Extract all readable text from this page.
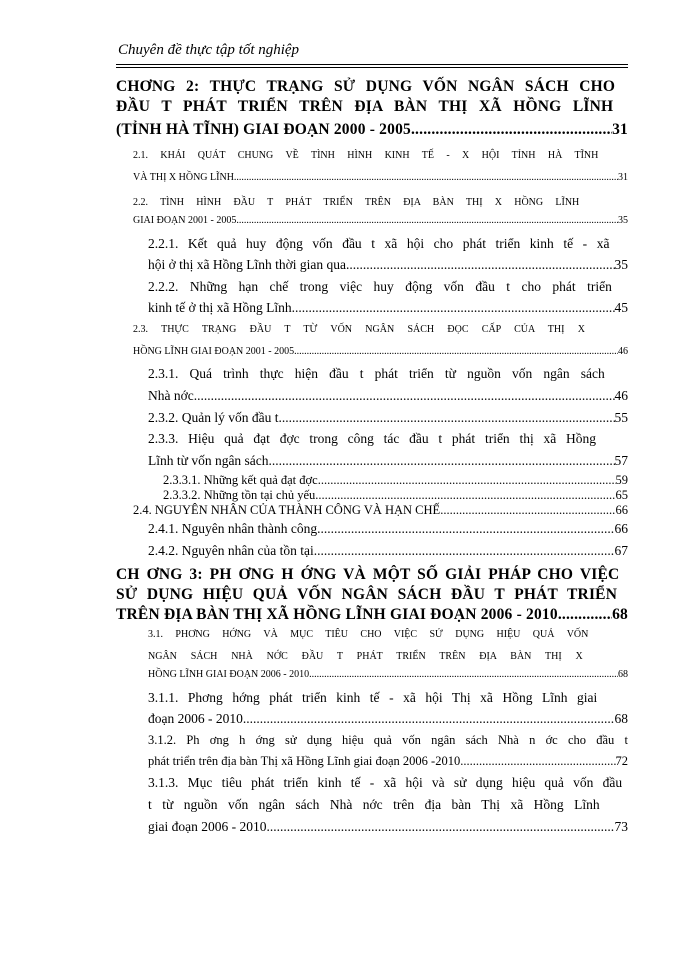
Chuyên đề thực tập tốt nghiệp
CHƠNG 2: THỰC TRẠNG SỬ DỤNG VỐN NGÂN SÁCH CHO
ĐẦU T PHÁT TRIỂN TRÊN ĐỊA BÀN THỊ XÃ HỒNG LĨNH
(TỈNH HÀ TĨNH) GIAI ĐOẠN 2000 - 2005 .....	31
2.1. KHÁI QUÁT CHUNG VỀ TÌNH HÌNH KINH TẾ - X HỘI TỈNH HÀ TĨNH
VÀ THỊ X HỒNG LĨNH .....	31
2.2. TÌNH HÌNH ĐẦU T PHÁT TRIỂN TRÊN ĐỊA BÀN THỊ X HỒNG LĨNH
GIAI ĐOẠN 2001 - 2005 .....	35
2.2.1. Kết quả huy động vốn đầu t xã hội cho phát triển kinh tế - xã
hội ở thị xã Hồng Lĩnh thời gian qua .....	35
2.2.2. Những hạn chế trong việc huy động vốn đầu t cho phát triển
kinh tế ở thị xã Hồng Lĩnh .....	45
2.3. THỰC TRẠNG ĐẦU T TỪ VỐN NGÂN SÁCH ĐỌC CẤP CỦA THỊ X
HỒNG LĨNH GIAI ĐOẠN 2001 - 2005 .....	46
2.3.1. Quá trình thực hiện đầu t phát triển từ nguồn vốn ngân sách
Nhà nớc .....	46
2.3.2. Quản lý vốn đầu t .....	55
2.3.3. Hiệu quả đạt đợc trong công tác đầu t phát triển thị xã Hồng
Lĩnh từ vốn ngân sách .....	57
2.3.3.1. Những kết quả đạt đợc .....	59
2.3.3.2. Những tồn tại chủ yếu .....	65
2.4. NGUYÊN NHÂN CỦA THÀNH CÔNG VÀ HẠN CHẾ .....	66
2.4.1. Nguyên nhân thành công .....	66
2.4.2. Nguyên nhân của tồn tại .....	67
CH ƠNG 3: PH ƠNG H ỚNG VÀ MỘT SỐ GIẢI PHÁP CHO VIỆC
SỬ DỤNG HIỆU QUẢ VỐN NGÂN SÁCH ĐẦU T PHÁT TRIỂN
TRÊN ĐỊA BÀN THỊ XÃ HỒNG LĨNH GIAI ĐOẠN 2006 - 2010 .....	68
3.1. PHƠNG HỚNG VÀ MỤC TIÊU CHO VIỆC SỬ DỤNG HIỆU QUẢ VỐN
NGÂN SÁCH NHÀ NỚC ĐẦU T PHÁT TRIỂN TRÊN ĐỊA BÀN THỊ X
HỒNG LĨNH GIAI ĐOẠN 2006 - 2010 .....	68
3.1.1. Phơng hớng phát triển kinh tế - xã hội Thị xã Hồng Lĩnh giai
đoạn 2006 - 2010 .....	68
3.1.2. Ph ơng h ớng sử dụng hiệu quả vốn ngân sách Nhà n ớc cho đầu t
phát triển trên địa bàn Thị xã Hồng Lĩnh giai đoạn 2006 -2010 .....	72
3.1.3. Mục tiêu phát triển kinh tế - xã hội và sử dụng hiệu quả vốn đầu
t từ nguồn vốn ngân sách Nhà nớc trên địa bàn Thị xã Hồng Lĩnh
giai đoạn 2006 - 2010 .....	73
